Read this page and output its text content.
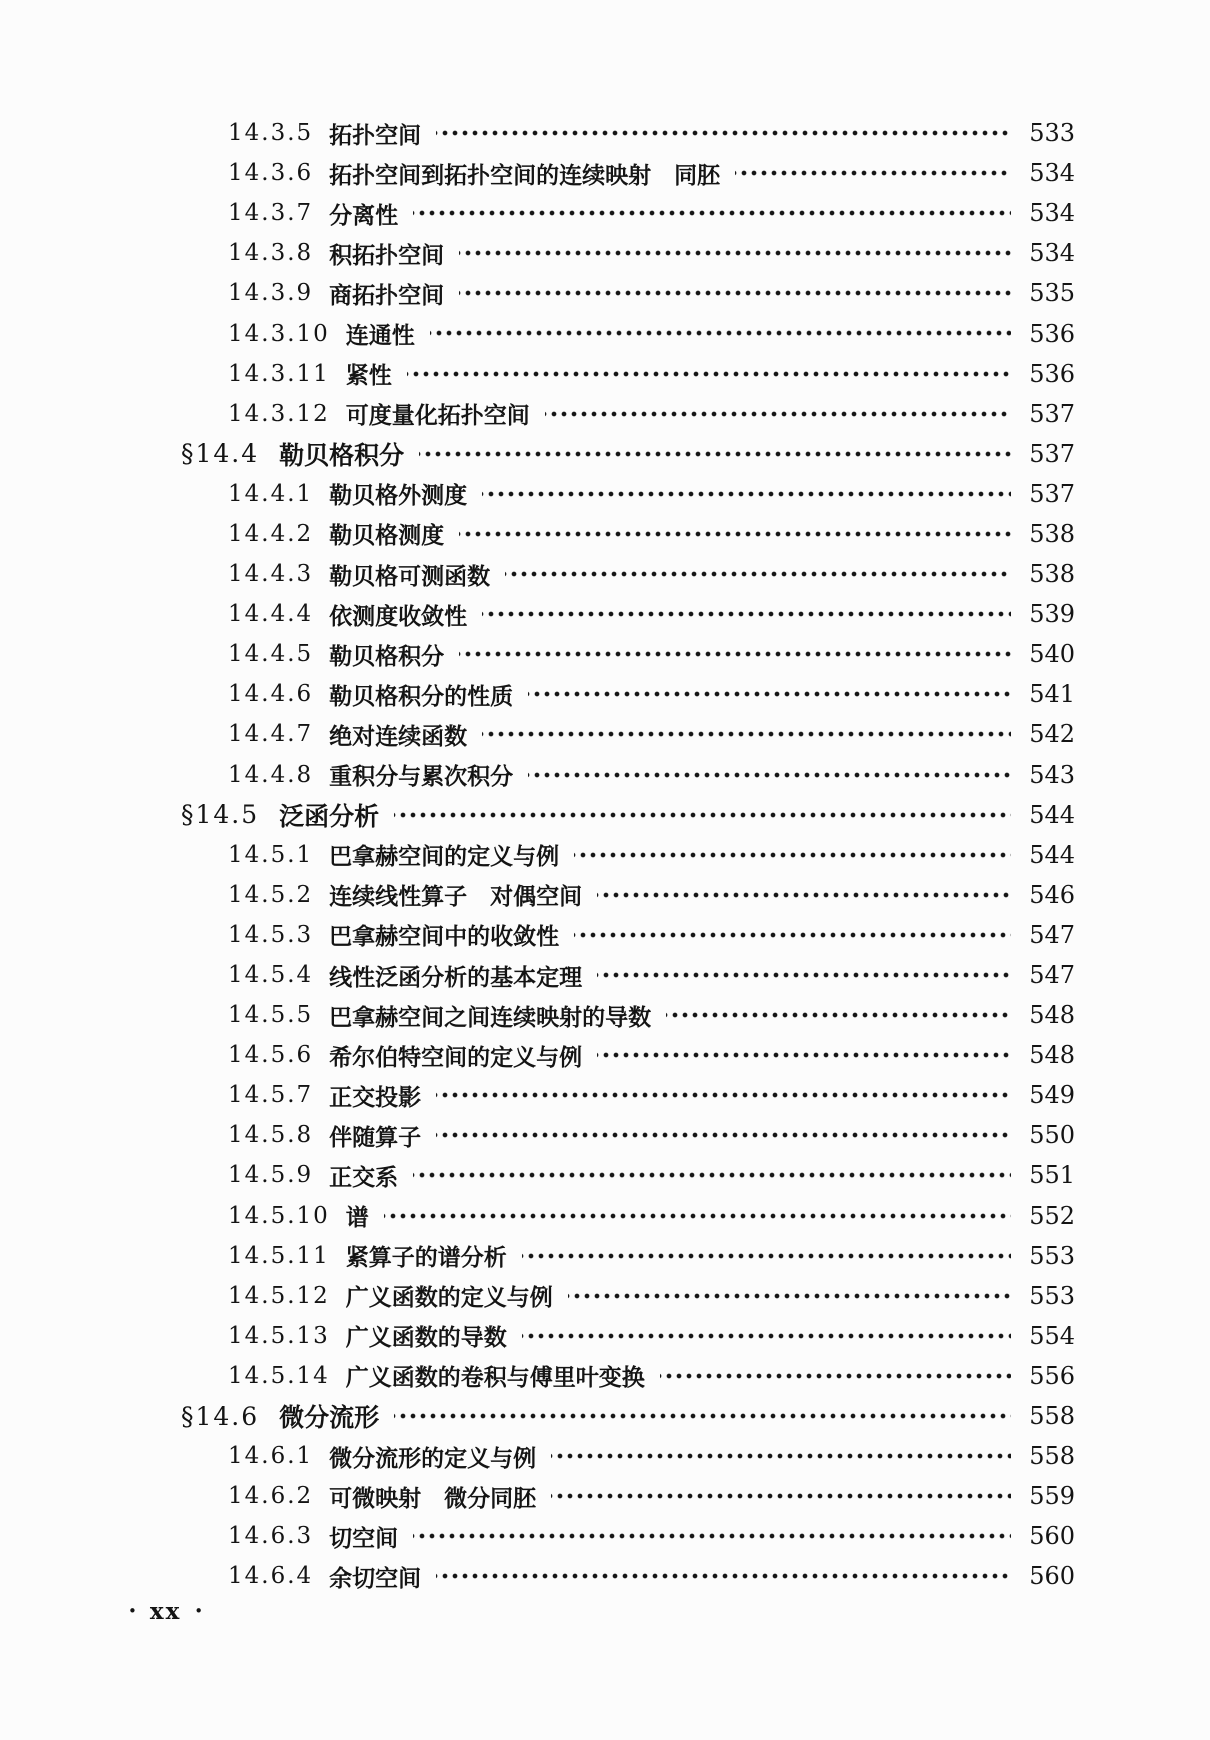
14.3.5 拓扑空间	533
14.3.6 拓扑空间到拓扑空间的连续映射　同胚	534
14.3.7 分离性	534
14.3.8 积拓扑空间	534
14.3.9 商拓扑空间	535
14.3.10 连通性	536
14.3.11 紧性	536
14.3.12 可度量化拓扑空间	537
§14.4 勒贝格积分	537
14.4.1 勒贝格外测度	537
14.4.2 勒贝格测度	538
14.4.3 勒贝格可测函数	538
14.4.4 依测度收敛性	539
14.4.5 勒贝格积分	540
14.4.6 勒贝格积分的性质	541
14.4.7 绝对连续函数	542
14.4.8 重积分与累次积分	543
§14.5 泛函分析	544
14.5.1 巴拿赫空间的定义与例	544
14.5.2 连续线性算子　对偶空间	546
14.5.3 巴拿赫空间中的收敛性	547
14.5.4 线性泛函分析的基本定理	547
14.5.5 巴拿赫空间之间连续映射的导数	548
14.5.6 希尔伯特空间的定义与例	548
14.5.7 正交投影	549
14.5.8 伴随算子	550
14.5.9 正交系	551
14.5.10 谱	552
14.5.11 紧算子的谱分析	553
14.5.12 广义函数的定义与例	553
14.5.13 广义函数的导数	554
14.5.14 广义函数的卷积与傅里叶变换	556
§14.6 微分流形	558
14.6.1 微分流形的定义与例	558
14.6.2 可微映射　微分同胚	559
14.6.3 切空间	560
14.6.4 余切空间	560
• xx •
